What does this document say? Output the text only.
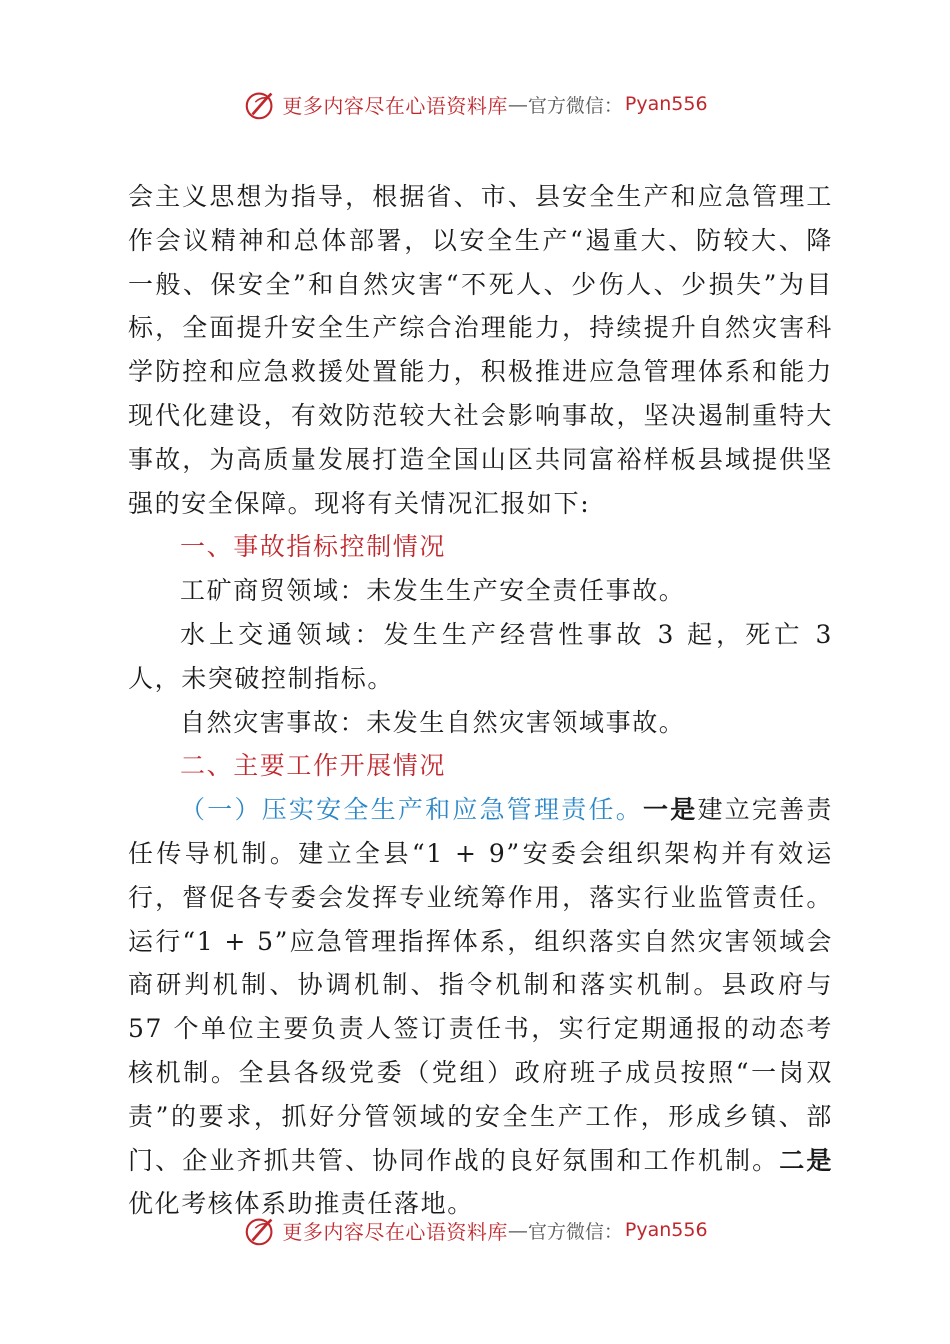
更多内容尽在心语资料库 — 官方微信： Pyan556

会主义思想为指导，根据省、市、县安全生产和应急管理工作会议精神和总体部署，以安全生产“遏重大、防较大、降一般、保安全”和自然灾害“不死人、少伤人、少损失”为目标，全面提升安全生产综合治理能力，持续提升自然灾害科学防控和应急救援处置能力，积极推进应急管理体系和能力现代化建设，有效防范较大社会影响事故，坚决遏制重特大事故，为高质量发展打造全国山区共同富裕样板县域提供坚强的安全保障。现将有关情况汇报如下:

一、事故指标控制情况

工矿商贸领域：未发生生产安全责任事故。

水上交通领域：发生生产经营性事故 3 起，死亡 3 人，未突破控制指标。

自然灾害事故：未发生自然灾害领域事故。

二、主要工作开展情况

（一）压实安全生产和应急管理责任。一是建立完善责任传导机制。建立全县“1 + 9”安委会组织架构并有效运行，督促各专委会发挥专业统筹作用，落实行业监管责任。运行“1 + 5”应急管理指挥体系，组织落实自然灾害领域会商研判机制、协调机制、指令机制和落实机制。县政府与 57 个单位主要负责人签订责任书，实行定期通报的动态考核机制。全县各级党委（党组）政府班子成员按照“一岗双责”的要求，抓好分管领域的安全生产工作，形成乡镇、部门、企业齐抓共管、协同作战的良好氛围和工作机制。二是优化考核体系助推责任落地。

更多内容尽在心语资料库 — 官方微信： Pyan556
